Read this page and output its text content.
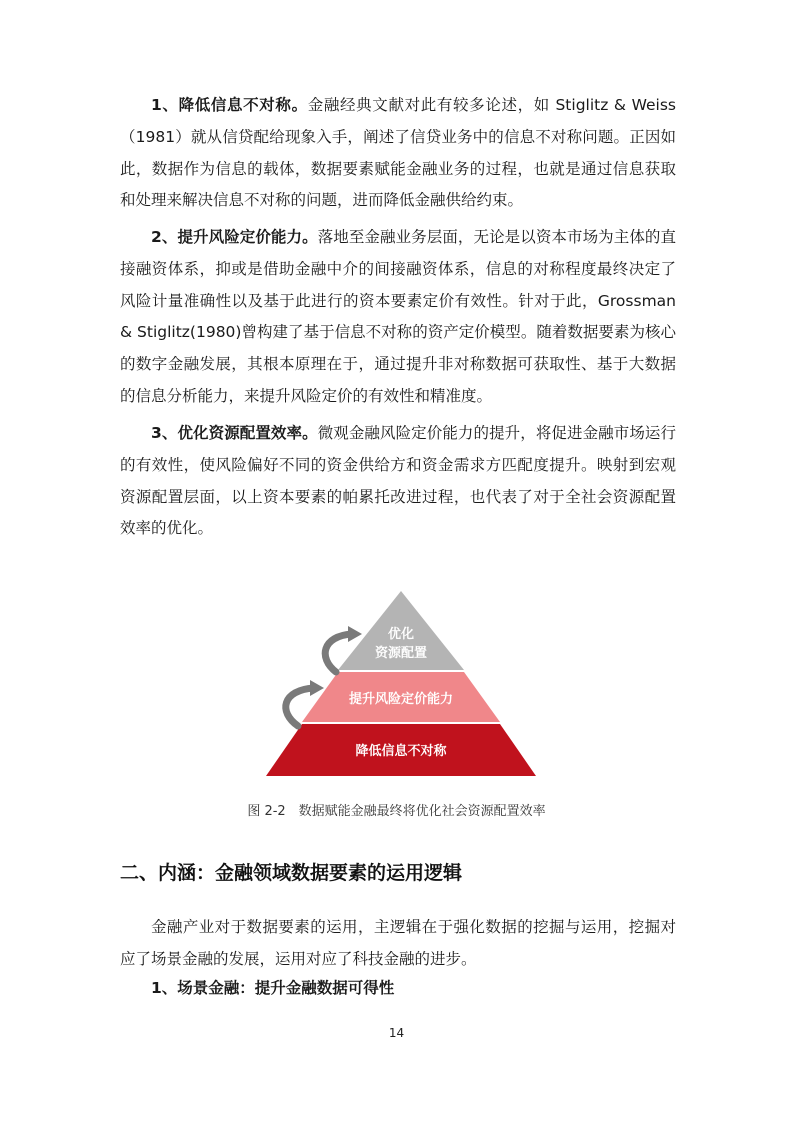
1、降低信息不对称。金融经典文献对此有较多论述，如 Stiglitz & Weiss（1981）就从信贷配给现象入手，阐述了信贷业务中的信息不对称问题。正因如此，数据作为信息的载体，数据要素赋能金融业务的过程，也就是通过信息获取和处理来解决信息不对称的问题，进而降低金融供给约束。

2、提升风险定价能力。落地至金融业务层面，无论是以资本市场为主体的直接融资体系，抑或是借助金融中介的间接融资体系，信息的对称程度最终决定了风险计量准确性以及基于此进行的资本要素定价有效性。针对于此，Grossman & Stiglitz(1980)曾构建了基于信息不对称的资产定价模型。随着数据要素为核心的数字金融发展，其根本原理在于，通过提升非对称数据可获取性、基于大数据的信息分析能力，来提升风险定价的有效性和精准度。

3、优化资源配置效率。微观金融风险定价能力的提升，将促进金融市场运行的有效性，使风险偏好不同的资金供给方和资金需求方匹配度提升。映射到宏观资源配置层面，以上资本要素的帕累托改进过程，也代表了对于全社会资源配置效率的优化。

优化
资源配置
提升风险定价能力
降低信息不对称
图 2-2　数据赋能金融最终将优化社会资源配置效率
二、内涵：金融领域数据要素的运用逻辑

金融产业对于数据要素的运用，主逻辑在于强化数据的挖掘与运用，挖掘对应了场景金融的发展，运用对应了科技金融的进步。

1、场景金融：提升金融数据可得性

14
